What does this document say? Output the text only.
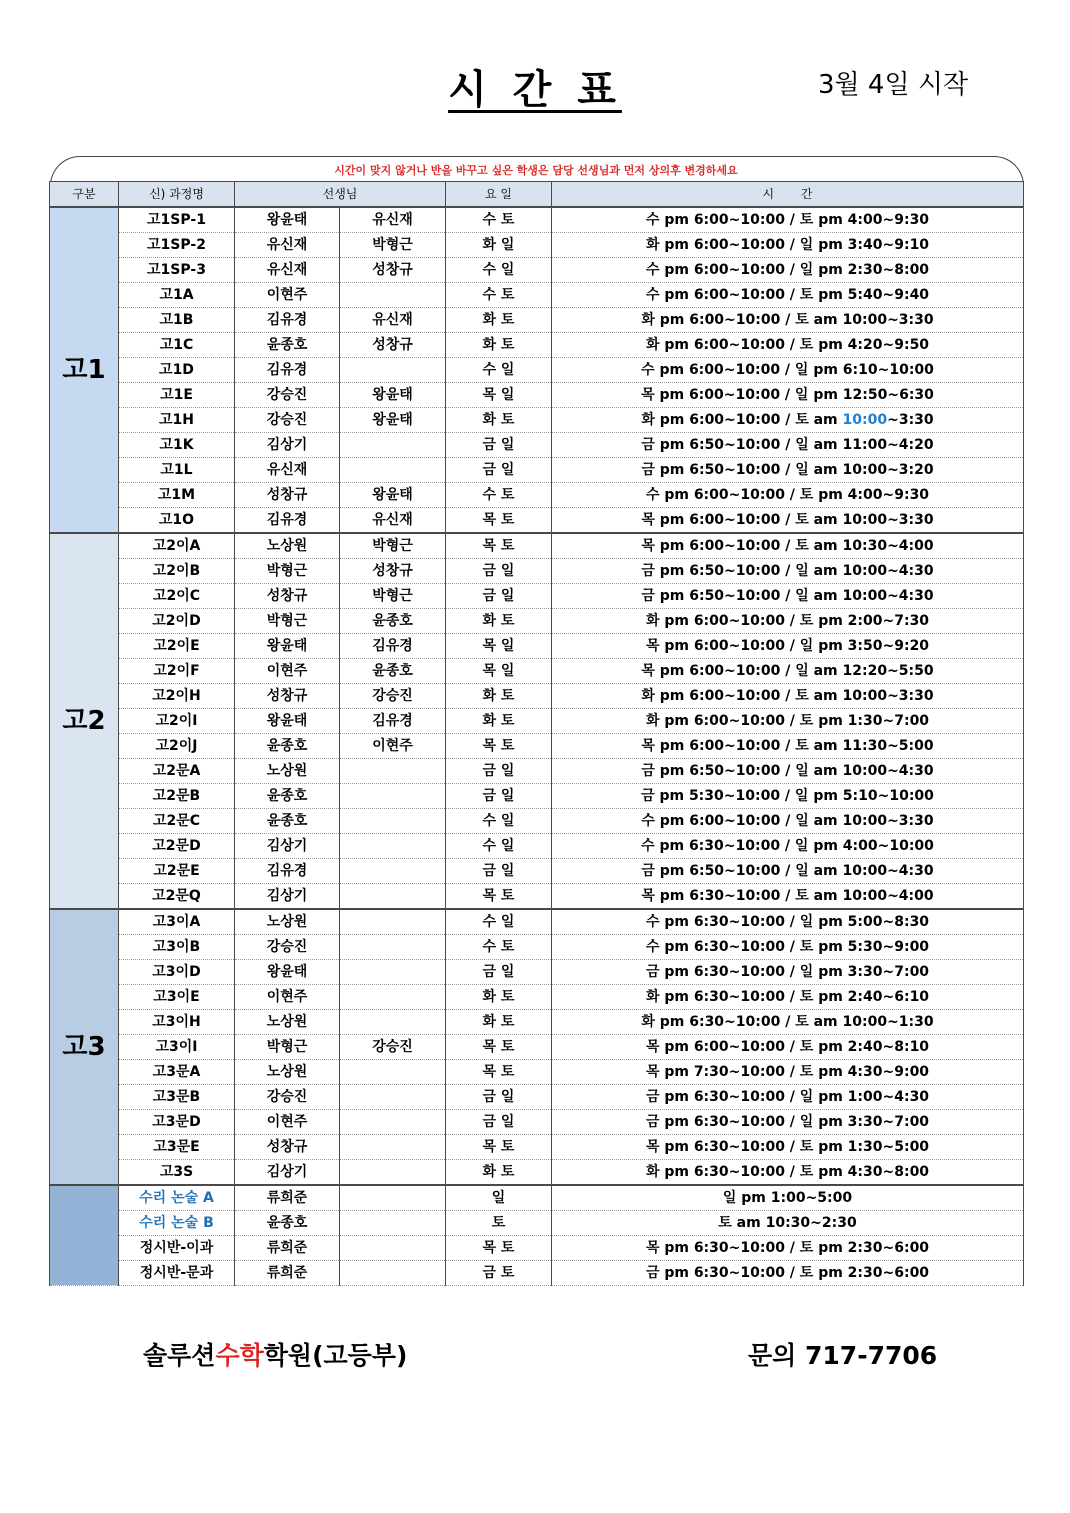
시 간 표	3월 4일 시작
시간이 맞지 않거나 반을 바꾸고 싶은 학생은 담당 선생님과 먼저 상의후 변경하세요
구분	신) 과정명	선생님		요 일	시       간
고1	고1SP-1	왕윤태	유신재	수 토	수 pm 6:00~10:00 / 토 pm 4:00~9:30
	고1SP-2	유신재	박형근	화 일	화 pm 6:00~10:00 / 일 pm 3:40~9:10
	고1SP-3	유신재	성창규	수 일	수 pm 6:00~10:00 / 일 pm 2:30~8:00
	고1A	이현주		수 토	수 pm 6:00~10:00 / 토 pm 5:40~9:40
	고1B	김유경	유신재	화 토	화 pm 6:00~10:00 / 토 am 10:00~3:30
	고1C	윤종호	성창규	화 토	화 pm 6:00~10:00 / 토 pm 4:20~9:50
	고1D	김유경		수 일	수 pm 6:00~10:00 / 일 pm 6:10~10:00
	고1E	강승진	왕윤태	목 일	목 pm 6:00~10:00 / 일 pm 12:50~6:30
	고1H	강승진	왕윤태	화 토	화 pm 6:00~10:00 / 토 am 10:00~3:30
	고1K	김상기		금 일	금 pm 6:50~10:00 / 일 am 11:00~4:20
	고1L	유신재		금 일	금 pm 6:50~10:00 / 일 am 10:00~3:20
	고1M	성창규	왕윤태	수 토	수 pm 6:00~10:00 / 토 pm 4:00~9:30
	고1O	김유경	유신재	목 토	목 pm 6:00~10:00 / 토 am 10:00~3:30
고2	고2이A	노상원	박형근	목 토	목 pm 6:00~10:00 / 토 am 10:30~4:00
	고2이B	박형근	성창규	금 일	금 pm 6:50~10:00 / 일 am 10:00~4:30
	고2이C	성창규	박형근	금 일	금 pm 6:50~10:00 / 일 am 10:00~4:30
	고2이D	박형근	윤종호	화 토	화 pm 6:00~10:00 / 토 pm 2:00~7:30
	고2이E	왕윤태	김유경	목 일	목 pm 6:00~10:00 / 일 pm 3:50~9:20
	고2이F	이현주	윤종호	목 일	목 pm 6:00~10:00 / 일 am 12:20~5:50
	고2이H	성창규	강승진	화 토	화 pm 6:00~10:00 / 토 am 10:00~3:30
	고2이I	왕윤태	김유경	화 토	화 pm 6:00~10:00 / 토 pm 1:30~7:00
	고2이J	윤종호	이현주	목 토	목 pm 6:00~10:00 / 토 am 11:30~5:00
	고2문A	노상원		금 일	금 pm 6:50~10:00 / 일 am 10:00~4:30
	고2문B	윤종호		금 일	금 pm 5:30~10:00 / 일 pm 5:10~10:00
	고2문C	윤종호		수 일	수 pm 6:00~10:00 / 일 am 10:00~3:30
	고2문D	김상기		수 일	수 pm 6:30~10:00 / 일 pm 4:00~10:00
	고2문E	김유경		금 일	금 pm 6:50~10:00 / 일 am 10:00~4:30
	고2문Q	김상기		목 토	목 pm 6:30~10:00 / 토 am 10:00~4:00
고3	고3이A	노상원		수 일	수 pm 6:30~10:00 / 일 pm 5:00~8:30
	고3이B	강승진		수 토	수 pm 6:30~10:00 / 토 pm 5:30~9:00
	고3이D	왕윤태		금 일	금 pm 6:30~10:00 / 일 pm 3:30~7:00
	고3이E	이현주		화 토	화 pm 6:30~10:00 / 토 pm 2:40~6:10
	고3이H	노상원		화 토	화 pm 6:30~10:00 / 토 am 10:00~1:30
	고3이I	박형근	강승진	목 토	목 pm 6:00~10:00 / 토 pm 2:40~8:10
	고3문A	노상원		목 토	목 pm 7:30~10:00 / 토 pm 4:30~9:00
	고3문B	강승진		금 일	금 pm 6:30~10:00 / 일 pm 1:00~4:30
	고3문D	이현주		금 일	금 pm 6:30~10:00 / 일 pm 3:30~7:00
	고3문E	성창규		목 토	목 pm 6:30~10:00 / 토 pm 1:30~5:00
	고3S	김상기		화 토	화 pm 6:30~10:00 / 토 pm 4:30~8:00
	수리 논술 A	류희준		일	일 pm 1:00~5:00
	수리 논술 B	윤종호		토	토 am 10:30~2:30
	정시반-이과	류희준		목 토	목 pm 6:30~10:00 / 토 pm 2:30~6:00
	정시반-문과	류희준		금 토	금 pm 6:30~10:00 / 토 pm 2:30~6:00
솔루션수학학원(고등부)	문의 717-7706
